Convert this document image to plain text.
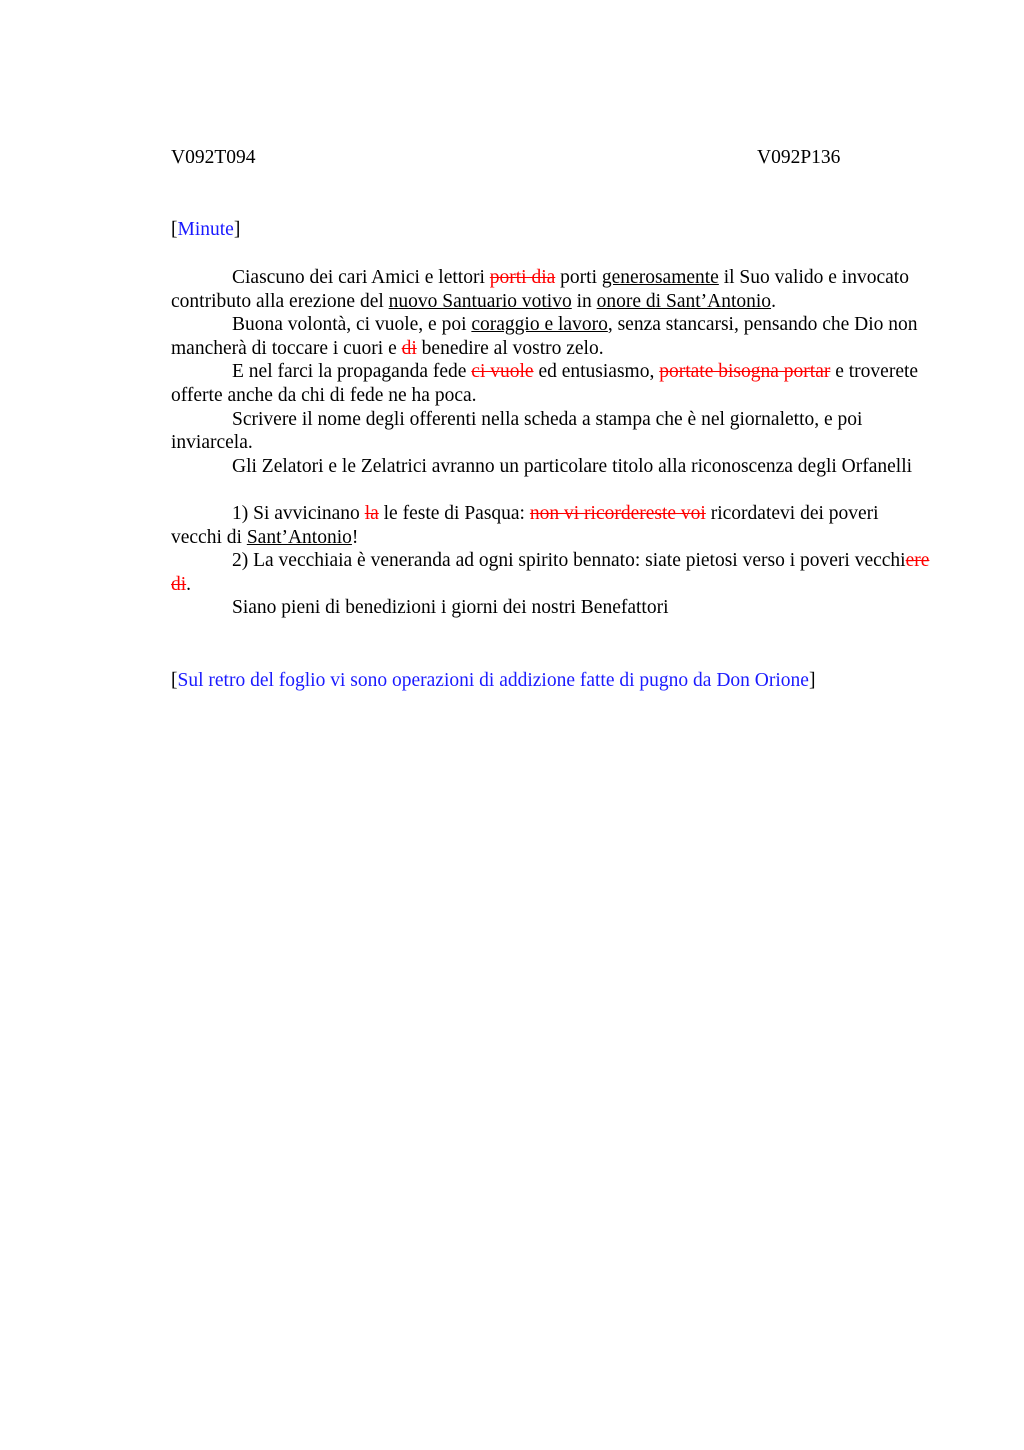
V092T094	V092P136
[Minute]

Ciascuno dei cari Amici e lettori porti dia porti generosamente il Suo valido e invocato contributo alla erezione del nuovo Santuario votivo in onore di Sant’Antonio.

Buona volontà, ci vuole, e poi coraggio e lavoro, senza stancarsi, pensando che Dio non mancherà di toccare i cuori e di benedire al vostro zelo.

E nel farci la propaganda fede ci vuole ed entusiasmo, portate bisogna portar e troverete offerte anche da chi di fede ne ha poca.

Scrivere il nome degli offerenti nella scheda a stampa che è nel giornaletto, e poi inviarcela.

Gli Zelatori e le Zelatrici avranno un particolare titolo alla riconoscenza degli Orfanelli

1) Si avvicinano la le feste di Pasqua: non vi ricordereste voi ricordatevi dei poveri vecchi di Sant’Antonio!

2) La vecchiaia è veneranda ad ogni spirito bennato: siate pietosi verso i poveri vecchiere di.

Siano pieni di benedizioni i giorni dei nostri Benefattori

[Sul retro del foglio vi sono operazioni di addizione fatte di pugno da Don Orione]
